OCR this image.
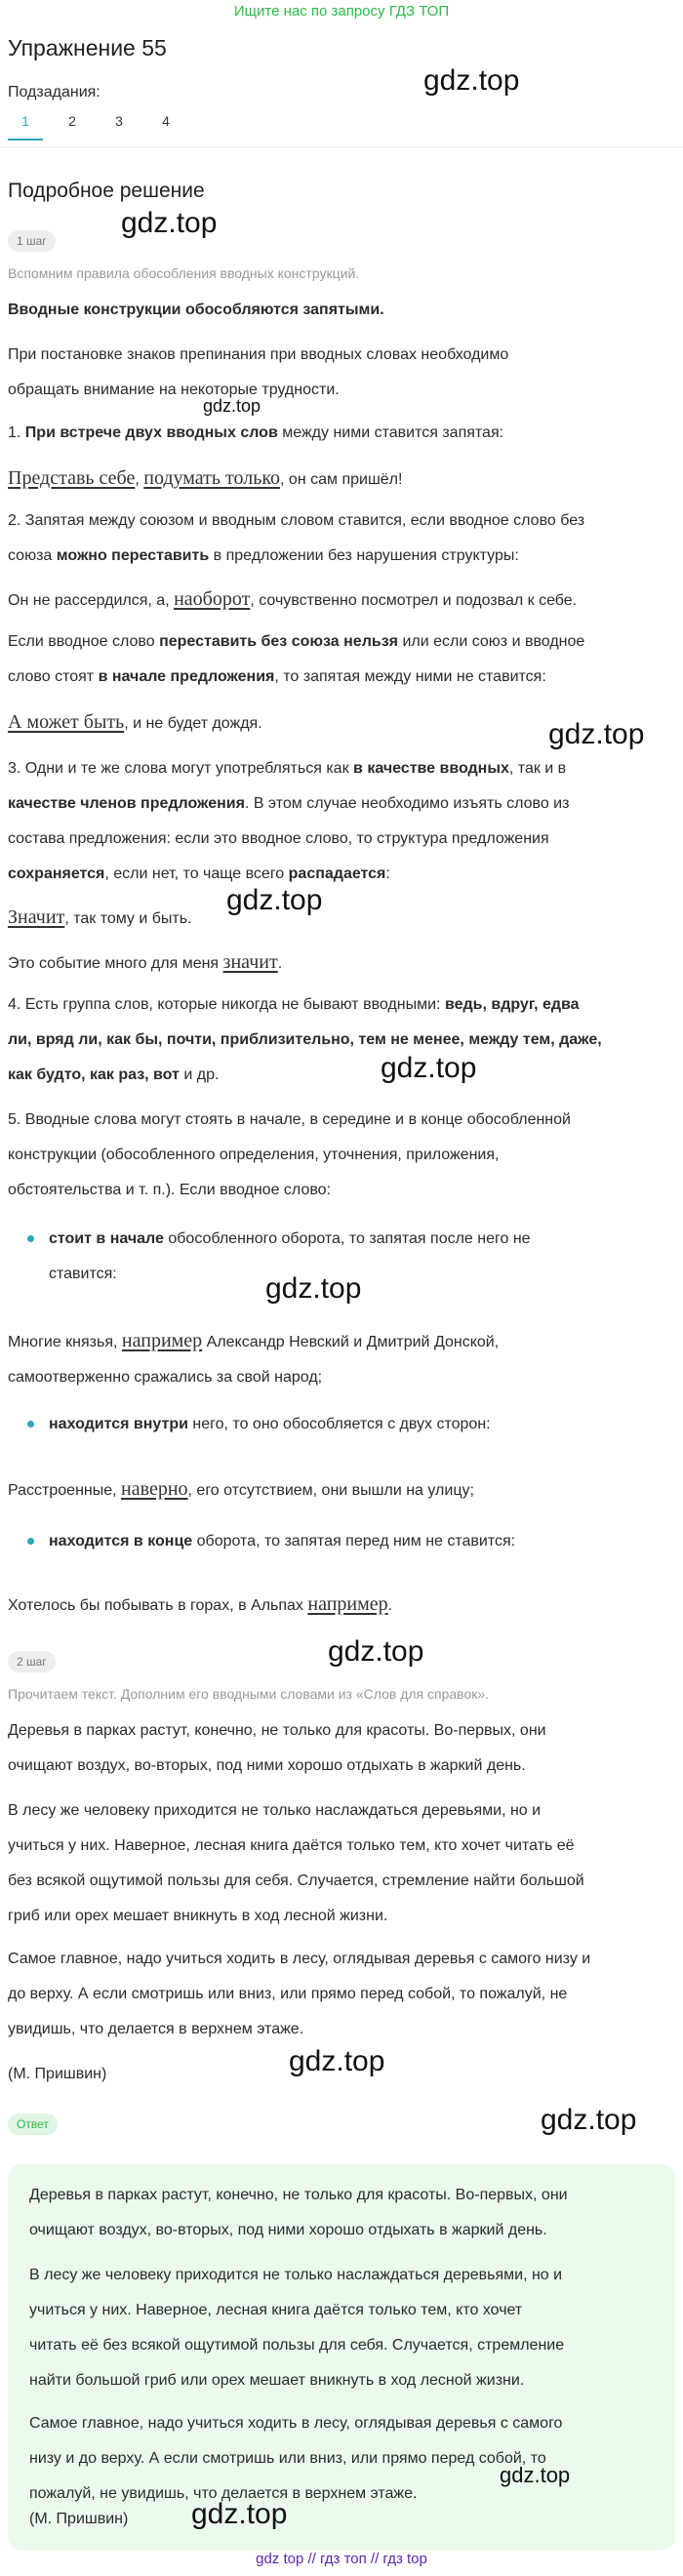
Ищите нас по запросу ГДЗ ТОП
Упражнение 55
gdz.top
Подзадания:
1	2	3	4
Подробное решение
1 шаг
gdz.top
Вспомним правила обособления вводных конструкций.
Вводные конструкции обособляются запятыми.
При постановке знаков препинания при вводных словах необходимо
обращать внимание на некоторые трудности.
gdz.top
1. При встрече двух вводных слов между ними ставится запятая:
Представь себе, подумать только, он сам пришёл!
2. Запятая между союзом и вводным словом ставится, если вводное слово без
союза можно переставить в предложении без нарушения структуры:
Он не рассердился, а, наоборот, сочувственно посмотрел и подозвал к себе.
Если вводное слово переставить без союза нельзя или если союз и вводное
слово стоят в начале предложения, то запятая между ними не ставится:
А может быть, и не будет дождя.	gdz.top
3. Одни и те же слова могут употребляться как в качестве вводных, так и в
качестве членов предложения. В этом случае необходимо изъять слово из
состава предложения: если это вводное слово, то структура предложения
сохраняется, если нет, то чаще всего распадается:
Значит, так тому и быть.
gdz.top
Это событие много для меня значит.
4. Есть группа слов, которые никогда не бывают вводными: ведь, вдруг, едва
ли, вряд ли, как бы, почти, приблизительно, тем не менее, между тем, даже,
как будто, как раз, вот и др.	gdz.top
5. Вводные слова могут стоять в начале, в середине и в конце обособленной
конструкции (обособленного определения, уточнения, приложения,
обстоятельства и т. п.). Если вводное слово:
стоит в начале обособленного оборота, то запятая после него не
ставится:	gdz.top
Многие князья, например Александр Невский и Дмитрий Донской,
самоотверженно сражались за свой народ;
находится внутри него, то оно обособляется с двух сторон:
Расстроенные, наверно, его отсутствием, они вышли на улицу;
находится в конце оборота, то запятая перед ним не ставится:
Хотелось бы побывать в горах, в Альпах например.
gdz.top
2 шаг
Прочитаем текст. Дополним его вводными словами из «Слов для справок».
Деревья в парках растут, конечно, не только для красоты. Во-первых, они
очищают воздух, во-вторых, под ними хорошо отдыхать в жаркий день.
В лесу же человеку приходится не только наслаждаться деревьями, но и
учиться у них. Наверное, лесная книга даётся только тем, кто хочет читать её
без всякой ощутимой пользы для себя. Случается, стремление найти большой
гриб или орех мешает вникнуть в ход лесной жизни.
Самое главное, надо учиться ходить в лесу, оглядывая деревья с самого низу и
до верху. А если смотришь или вниз, или прямо перед собой, то пожалуй, не
увидишь, что делается в верхнем этаже.
gdz.top
(М. Пришвин)
Ответ	gdz.top
Деревья в парках растут, конечно, не только для красоты. Во-первых, они
очищают воздух, во-вторых, под ними хорошо отдыхать в жаркий день.
В лесу же человеку приходится не только наслаждаться деревьями, но и
учиться у них. Наверное, лесная книга даётся только тем, кто хочет
читать её без всякой ощутимой пользы для себя. Случается, стремление
найти большой гриб или орех мешает вникнуть в ход лесной жизни.
Самое главное, надо учиться ходить в лесу, оглядывая деревья с самого
низу и до верху. А если смотришь или вниз, или прямо перед собой, то
пожалуй, не увидишь, что делается в верхнем этаже.
(М. Пришвин)
gdz.top
gdz.top
gdz top // гдз топ // гдз top
